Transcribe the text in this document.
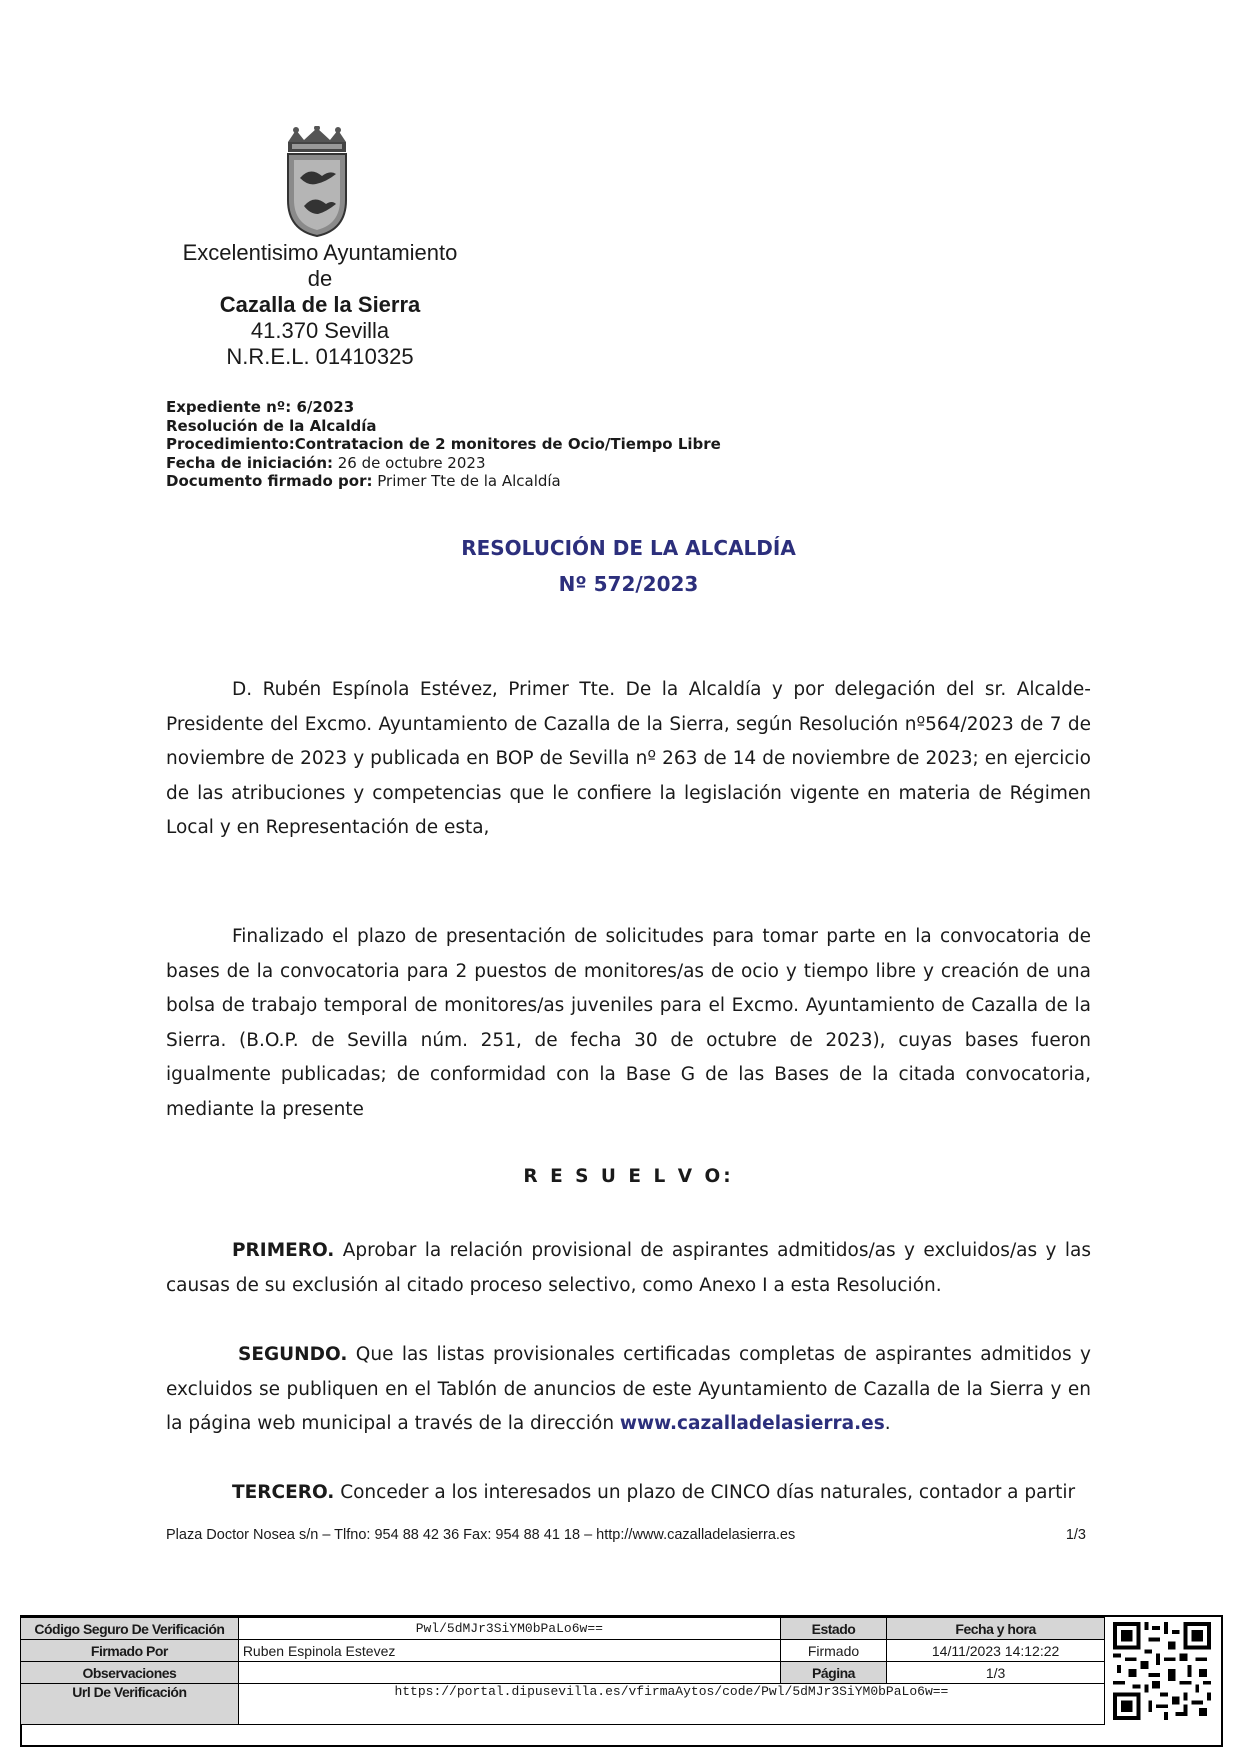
Excelentisimo Ayuntamiento
de
Cazalla de la Sierra
41.370 Sevilla
N.R.E.L. 01410325
Expediente nº: 6/2023
Resolución de la Alcaldía
Procedimiento:Contratacion de 2 monitores de Ocio/Tiempo Libre
Fecha de iniciación: 26 de octubre 2023
Documento firmado por: Primer Tte de la Alcaldía
RESOLUCIÓN DE LA ALCALDÍA
Nº 572/2023
D. Rubén Espínola Estévez, Primer Tte. De la Alcaldía y por delegación del sr. Alcalde-Presidente del Excmo. Ayuntamiento de Cazalla de la Sierra, según Resolución nº564/2023 de 7 de noviembre de 2023 y publicada en BOP de Sevilla nº 263 de 14 de noviembre de 2023; en ejercicio de las atribuciones y competencias que le confiere la legislación vigente en materia de Régimen Local y en Representación de esta,
Finalizado el plazo de presentación de solicitudes para tomar parte en la convocatoria de bases de la convocatoria para 2 puestos de monitores/as de ocio y tiempo libre y creación de una bolsa de trabajo temporal de monitores/as juveniles para el Excmo. Ayuntamiento de Cazalla de la Sierra. (B.O.P. de Sevilla núm. 251, de fecha 30 de octubre de 2023), cuyas bases fueron igualmente publicadas; de conformidad con la Base G de las Bases de la citada convocatoria, mediante la presente
R E S U E L V O:
PRIMERO. Aprobar la relación provisional de aspirantes admitidos/as y excluidos/as y las causas de su exclusión al citado proceso selectivo, como Anexo I a esta Resolución.
SEGUNDO. Que las listas provisionales certificadas completas de aspirantes admitidos y excluidos se publiquen en el Tablón de anuncios de este Ayuntamiento de Cazalla de la Sierra y en la página web municipal a través de la dirección www.cazalladelasierra.es.
TERCERO. Conceder a los interesados un plazo de CINCO días naturales, contador a partir
Plaza Doctor Nosea s/n – Tlfno: 954 88 42 36 Fax: 954 88 41 18 – http://www.cazalladelasierra.es	1/3
Código Seguro De Verificación	Pwl/5dMJr3SiYM0bPaLo6w==	Estado	Fecha y hora
Firmado Por	Ruben Espinola Estevez	Firmado	14/11/2023 14:12:22
Observaciones		Página	1/3
Url De Verificación	https://portal.dipusevilla.es/vfirmaAytos/code/Pwl/5dMJr3SiYM0bPaLo6w==		
